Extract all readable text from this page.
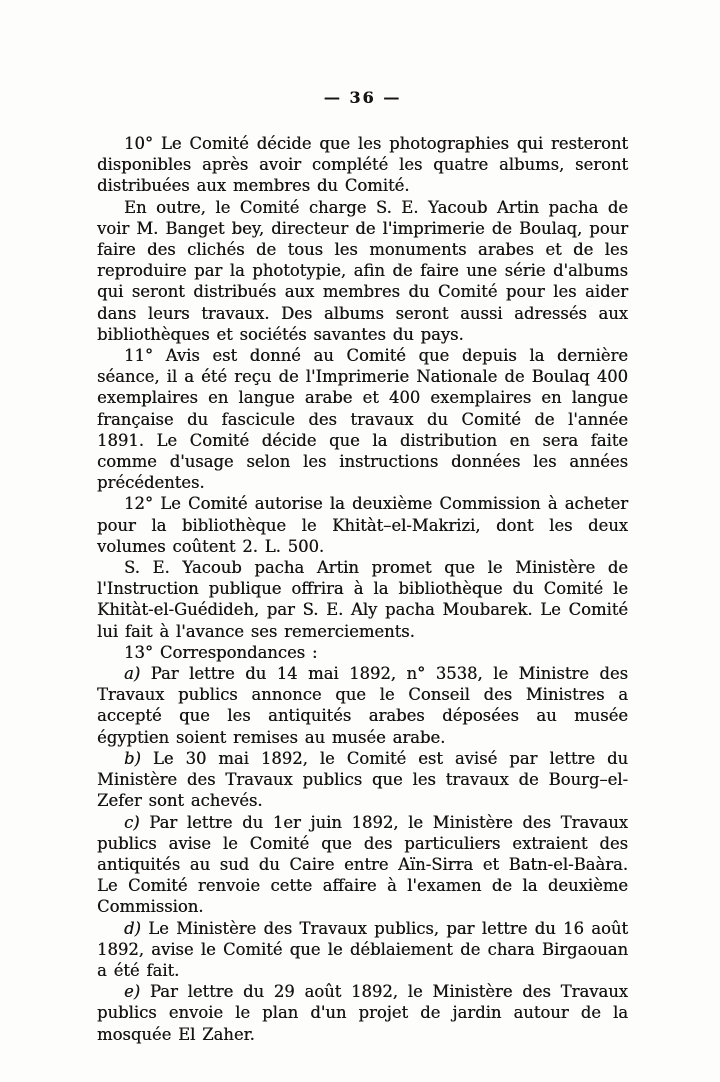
— 36 —

10° Le Comité décide que les photographies qui resteront disponibles après avoir complété les quatre albums, seront distribuées aux membres du Comité.

En outre, le Comité charge S. E. Yacoub Artin pacha de voir M. Banget bey, directeur de l'imprimerie de Boulaq, pour faire des clichés de tous les monuments arabes et de les reproduire par la phototypie, afin de faire une série d'albums qui seront distribués aux membres du Comité pour les aider dans leurs travaux. Des albums seront aussi adressés aux bibliothèques et sociétés savantes du pays.

11° Avis est donné au Comité que depuis la dernière séance, il a été reçu de l'Imprimerie Nationale de Boulaq 400 exemplaires en langue arabe et 400 exemplaires en langue française du fascicule des travaux du Comité de l'année 1891. Le Comité décide que la distribution en sera faite comme d'usage selon les instructions données les années précédentes.

12° Le Comité autorise la deuxième Commission à acheter pour la bibliothèque le Khitàt–el-Makrizi, dont les deux volumes coûtent 2. L. 500.

S. E. Yacoub pacha Artin promet que le Ministère de l'Instruction publique offrira à la bibliothèque du Comité le Khitàt-el-Guédideh, par S. E. Aly pacha Moubarek. Le Comité lui fait à l'avance ses remerciements.

13° Correspondances :

a) Par lettre du 14 mai 1892, n° 3538, le Ministre des Travaux publics annonce que le Conseil des Ministres a accepté que les antiquités arabes déposées au musée égyptien soient remises au musée arabe.

b) Le 30 mai 1892, le Comité est avisé par lettre du Ministère des Travaux publics que les travaux de Bourg–el-Zefer sont achevés.

c) Par lettre du 1er juin 1892, le Ministère des Travaux publics avise le Comité que des particuliers extraient des antiquités au sud du Caire entre Aïn-Sirra et Batn-el-Baàra. Le Comité renvoie cette affaire à l'examen de la deuxième Commission.

d) Le Ministère des Travaux publics, par lettre du 16 août 1892, avise le Comité que le déblaiement de chara Birgaouan a été fait.

e) Par lettre du 29 août 1892, le Ministère des Travaux publics envoie le plan d'un projet de jardin autour de la mosquée El Zaher.
